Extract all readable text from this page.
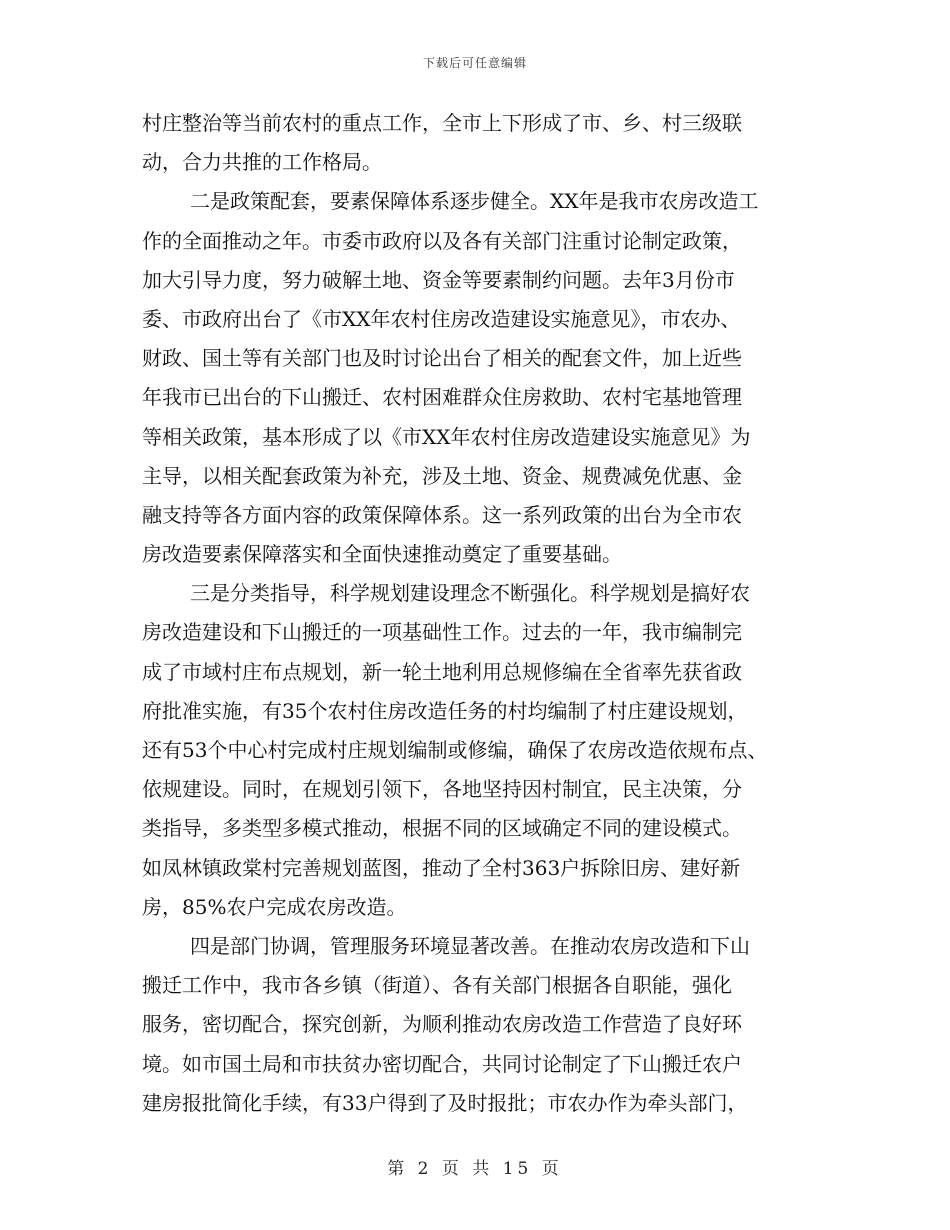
下载后可任意编辑
村庄整治等当前农村的重点工作，全市上下形成了市、乡、村三级联
动，合力共推的工作格局。
二是政策配套，要素保障体系逐步健全。XX年是我市农房改造工
作的全面推动之年。市委市政府以及各有关部门注重讨论制定政策，
加大引导力度，努力破解土地、资金等要素制约问题。去年3月份市
委、市政府出台了《市XX年农村住房改造建设实施意见》，市农办、
财政、国土等有关部门也及时讨论出台了相关的配套文件，加上近些
年我市已出台的下山搬迁、农村困难群众住房救助、农村宅基地管理
等相关政策，基本形成了以《市XX年农村住房改造建设实施意见》为
主导，以相关配套政策为补充，涉及土地、资金、规费减免优惠、金
融支持等各方面内容的政策保障体系。这一系列政策的出台为全市农
房改造要素保障落实和全面快速推动奠定了重要基础。
三是分类指导，科学规划建设理念不断强化。科学规划是搞好农
房改造建设和下山搬迁的一项基础性工作。过去的一年，我市编制完
成了市域村庄布点规划，新一轮土地利用总规修编在全省率先获省政
府批准实施，有35个农村住房改造任务的村均编制了村庄建设规划，
还有53个中心村完成村庄规划编制或修编，确保了农房改造依规布点、
依规建设。同时，在规划引领下，各地坚持因村制宜，民主决策，分
类指导，多类型多模式推动，根据不同的区域确定不同的建设模式。
如凤林镇政棠村完善规划蓝图，推动了全村363户拆除旧房、建好新
房，85%农户完成农房改造。
四是部门协调，管理服务环境显著改善。在推动农房改造和下山
搬迁工作中，我市各乡镇（街道）、各有关部门根据各自职能，强化
服务，密切配合，探究创新，为顺利推动农房改造工作营造了良好环
境。如市国土局和市扶贫办密切配合，共同讨论制定了下山搬迁农户
建房报批简化手续，有33户得到了及时报批；市农办作为牵头部门，
第 2 页 共 15 页
